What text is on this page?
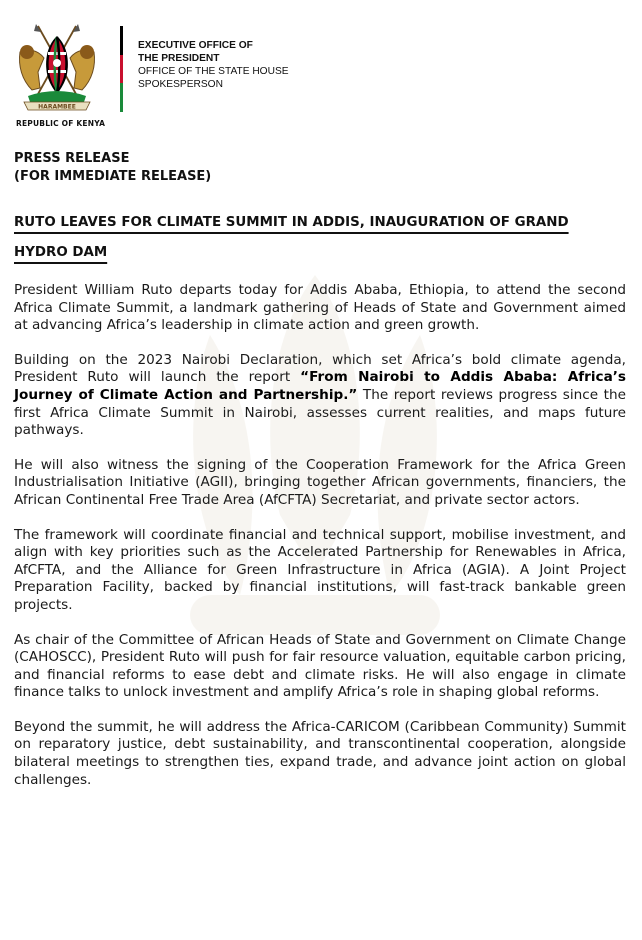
HARAMBEE
REPUBLIC OF KENYA
EXECUTIVE OFFICE OF
THE PRESIDENT
OFFICE OF THE STATE HOUSE
SPOKESPERSON
PRESS RELEASE
(FOR IMMEDIATE RELEASE)
RUTO LEAVES FOR CLIMATE SUMMIT IN ADDIS, INAUGURATION OF GRAND
HYDRO DAM

President William Ruto departs today for Addis Ababa, Ethiopia, to attend the second Africa Climate Summit, a landmark gathering of Heads of State and Government aimed at advancing Africa’s leadership in climate action and green growth.

Building on the 2023 Nairobi Declaration, which set Africa’s bold climate agenda, President Ruto will launch the report “From Nairobi to Addis Ababa: Africa’s Journey of Climate Action and Partnership.” The report reviews progress since the first Africa Climate Summit in Nairobi, assesses current realities, and maps future pathways.

He will also witness the signing of the Cooperation Framework for the Africa Green Industrialisation Initiative (AGII), bringing together African governments, financiers, the African Continental Free Trade Area (AfCFTA) Secretariat, and private sector actors.

The framework will coordinate financial and technical support, mobilise investment, and align with key priorities such as the Accelerated Partnership for Renewables in Africa, AfCFTA, and the Alliance for Green Infrastructure in Africa (AGIA). A Joint Project Preparation Facility, backed by financial institutions, will fast-track bankable green projects.

As chair of the Committee of African Heads of State and Government on Climate Change (CAHOSCC), President Ruto will push for fair resource valuation, equitable carbon pricing, and financial reforms to ease debt and climate risks. He will also engage in climate finance talks to unlock investment and amplify Africa’s role in shaping global reforms.

Beyond the summit, he will address the Africa-CARICOM (Caribbean Community) Summit on reparatory justice, debt sustainability, and transcontinental cooperation, alongside bilateral meetings to strengthen ties, expand trade, and advance joint action on global challenges.
